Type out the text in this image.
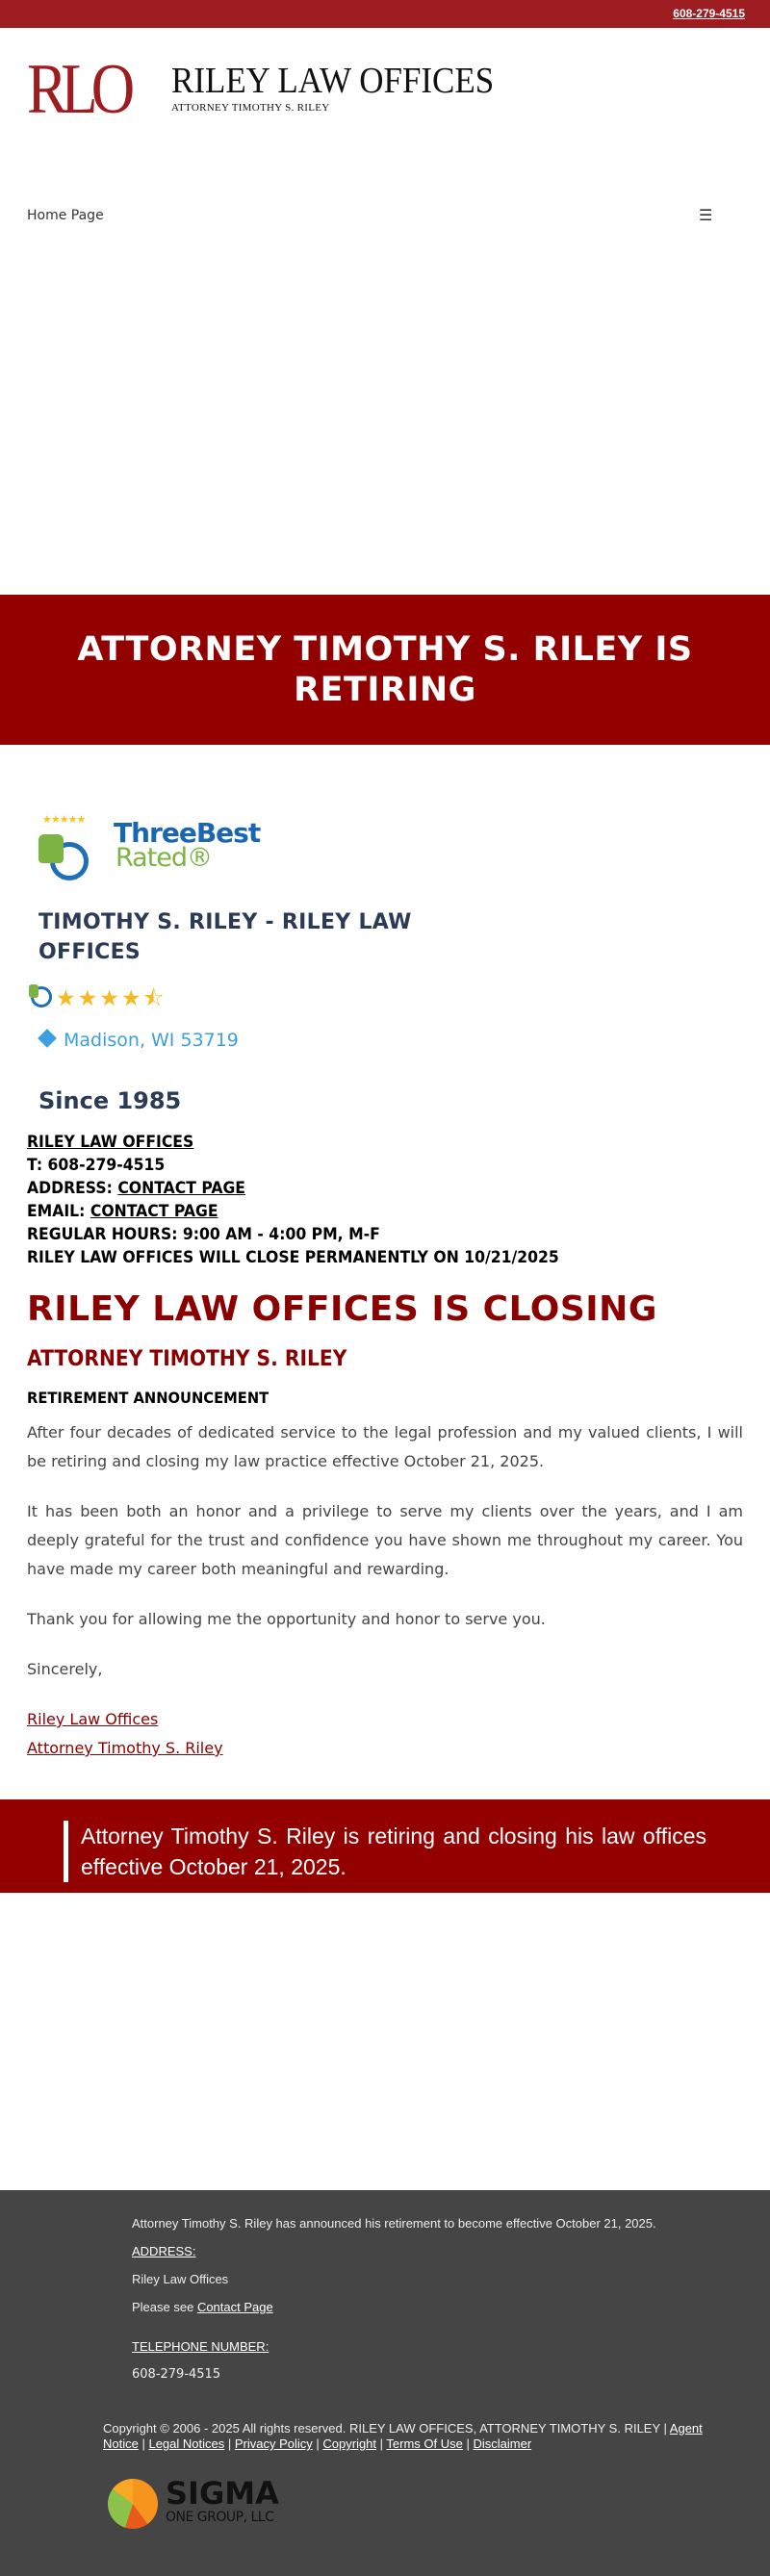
608-279-4515
RLO RILEY LAW OFFICES
ATTORNEY TIMOTHY S. RILEY
Home Page	☰
ATTORNEY TIMOTHY S. RILEY IS RETIRING
★★★★★ ThreeBest
Rated®
TIMOTHY S. RILEY - RILEY LAW OFFICES
★★★★⯪
Madison, WI 53719
Since 1985
RILEY LAW OFFICES
T: 608-279-4515
ADDRESS: CONTACT PAGE
EMAIL: CONTACT PAGE
REGULAR HOURS: 9:00 AM - 4:00 PM, M-F
RILEY LAW OFFICES WILL CLOSE PERMANENTLY ON 10/21/2025
RILEY LAW OFFICES IS CLOSING
ATTORNEY TIMOTHY S. RILEY
RETIREMENT ANNOUNCEMENT

After four decades of dedicated service to the legal profession and my valued clients, I will be retiring and closing my law practice effective October 21, 2025.

It has been both an honor and a privilege to serve my clients over the years, and I am deeply grateful for the trust and confidence you have shown me throughout my career. You have made my career both meaningful and rewarding.

Thank you for allowing me the opportunity and honor to serve you.

Sincerely,

Riley Law Offices
Attorney Timothy S. Riley
Attorney Timothy S. Riley is retiring and closing his law offices effective October 21, 2025.
Attorney Timothy S. Riley has announced his retirement to become effective October 21, 2025.
ADDRESS:
Riley Law Offices
Please see Contact Page
TELEPHONE NUMBER:
608-279-4515
Copyright © 2006 - 2025 All rights reserved. RILEY LAW OFFICES, ATTORNEY TIMOTHY S. RILEY | Agent Notice | Legal Notices | Privacy Policy | Copyright | Terms Of Use | Disclaimer
SIGMA
ONE GROUP, LLC
